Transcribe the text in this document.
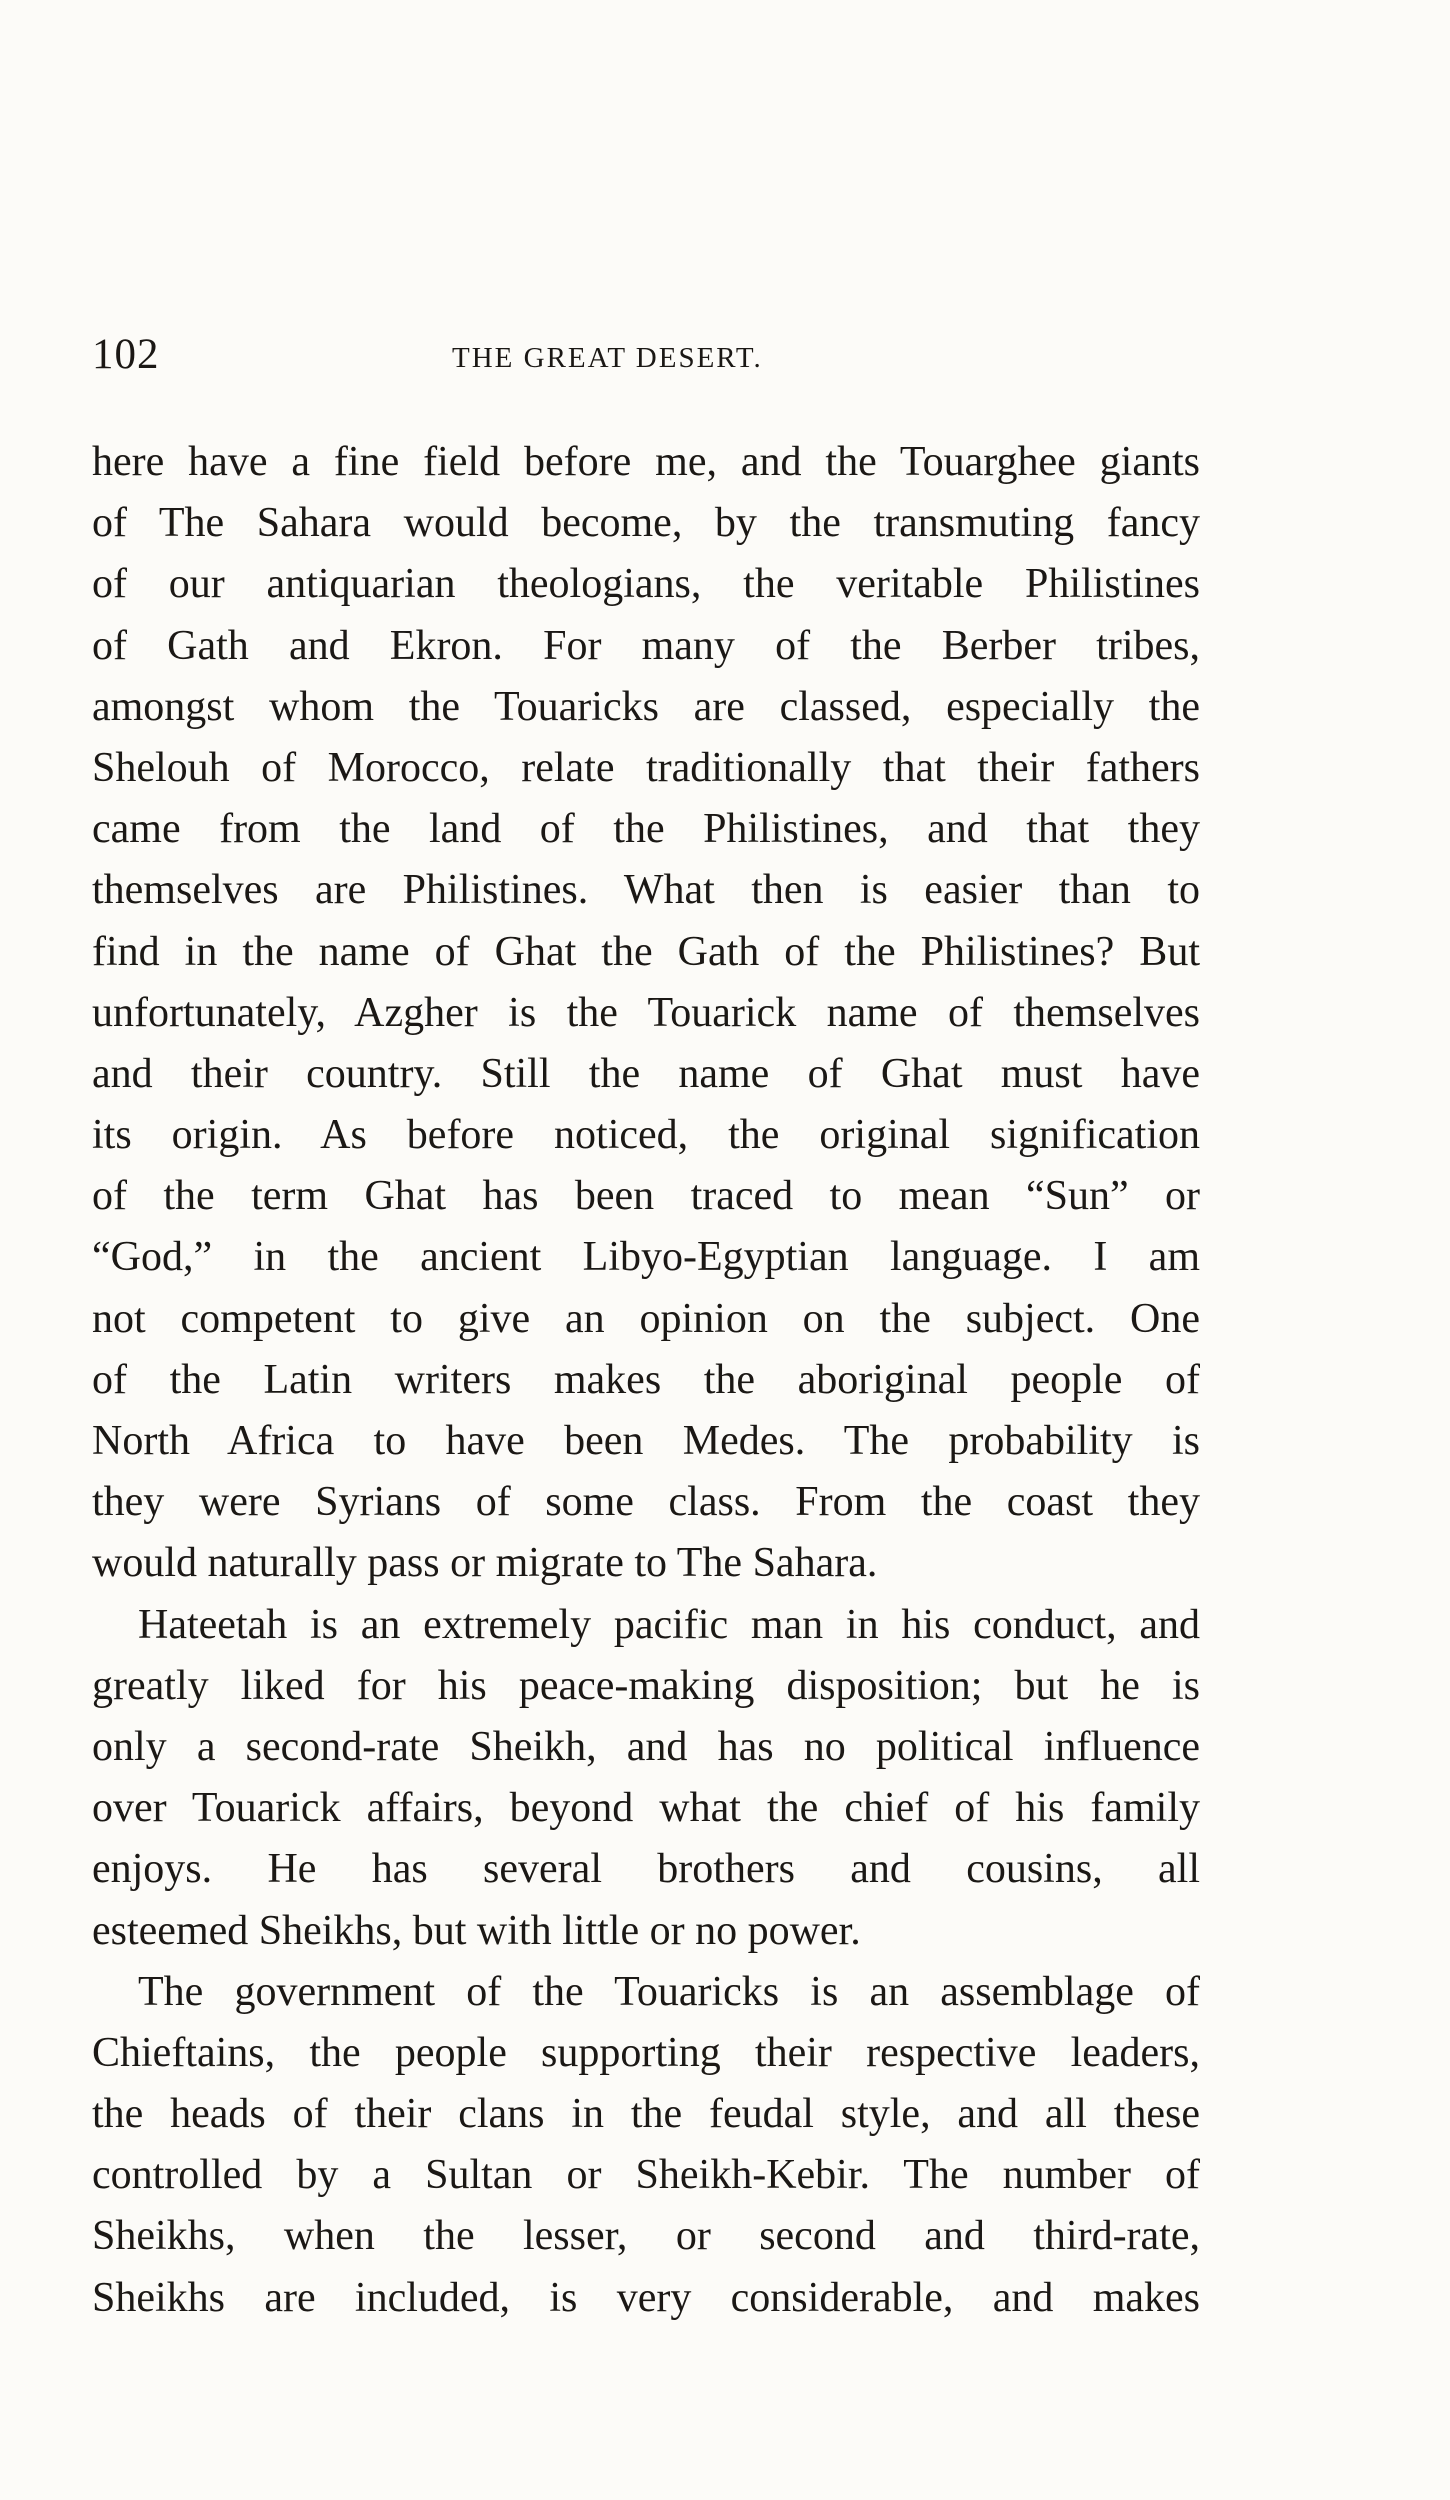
102	THE GREAT DESERT.
here have a fine field before me, and the Touarghee giants
of The Sahara would become, by the transmuting fancy
of our antiquarian theologians, the veritable Philistines
of Gath and Ekron. For many of the Berber tribes,
amongst whom the Touaricks are classed, especially the
Shelouh of Morocco, relate traditionally that their fathers
came from the land of the Philistines, and that they
themselves are Philistines. What then is easier than to
find in the name of Ghat the Gath of the Philistines? But
unfortunately, Azgher is the Touarick name of themselves
and their country. Still the name of Ghat must have
its origin. As before noticed, the original signification
of the term Ghat has been traced to mean “Sun” or
“God,” in the ancient Libyo-Egyptian language. I am
not competent to give an opinion on the subject. One
of the Latin writers makes the aboriginal people of
North Africa to have been Medes. The probability is
they were Syrians of some class. From the coast they
would naturally pass or migrate to The Sahara.
Hateetah is an extremely pacific man in his conduct, and
greatly liked for his peace-making disposition; but he is
only a second-rate Sheikh, and has no political influence
over Touarick affairs, beyond what the chief of his family
enjoys. He has several brothers and cousins, all
esteemed Sheikhs, but with little or no power.
The government of the Touaricks is an assemblage of
Chieftains, the people supporting their respective leaders,
the heads of their clans in the feudal style, and all these
controlled by a Sultan or Sheikh-Kebir. The number of
Sheikhs, when the lesser, or second and third-rate,
Sheikhs are included, is very considerable, and makes
